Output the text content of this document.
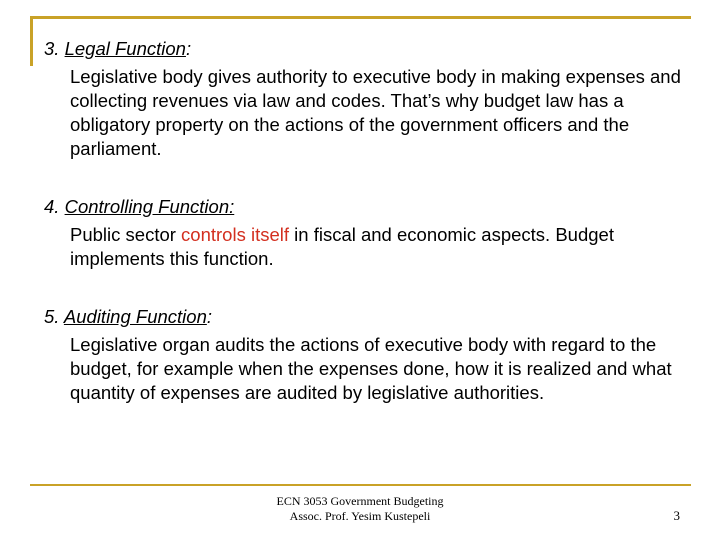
3. Legal Function:
Legislative body gives authority to executive body in making expenses and collecting revenues via law and codes. That’s why budget law has a obligatory property on the actions of the government officers and the parliament.
4. Controlling Function:
Public sector controls itself in fiscal and economic aspects. Budget implements this function.
5. Auditing Function:
Legislative organ audits the actions of executive body with regard to the budget, for example when the expenses done, how it is realized and what quantity of expenses are audited by legislative authorities.
ECN 3053 Government Budgeting
Assoc. Prof. Yesim Kustepeli	3
